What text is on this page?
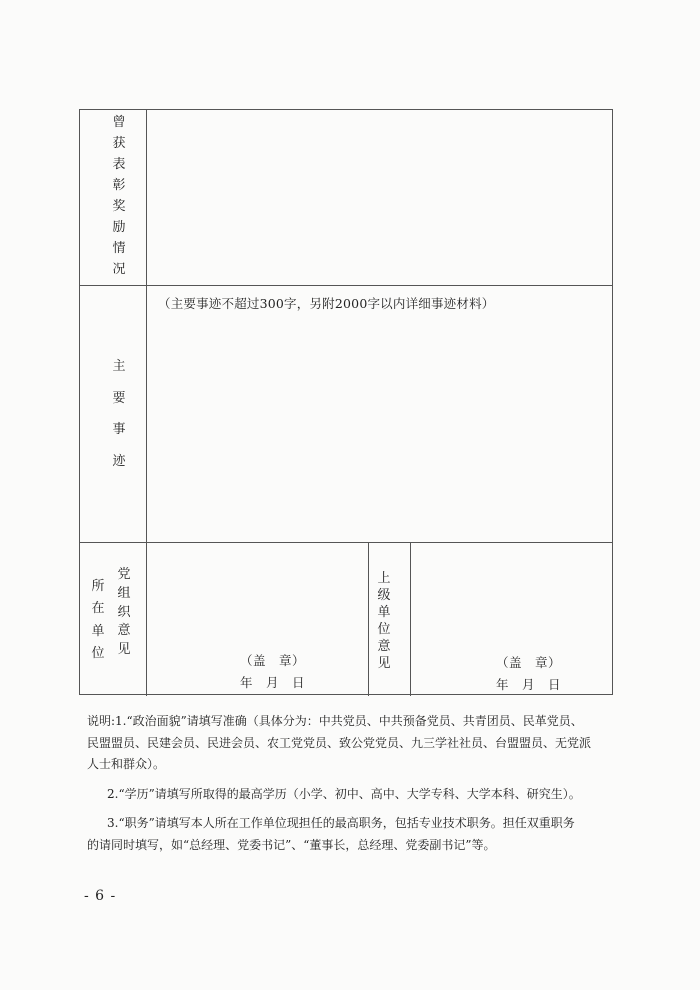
曾
获
表
彰
奖
励
情
况
主
要
事
迹
（主要事迹不超过300字，另附2000字以内详细事迹材料）
所
在
单
位
党
组
织
意
见
（盖　章）
年　月　日
上
级
单
位
意
见	（盖　章）
年　月　日

说明:1.“政治面貌”请填写准确（具体分为：中共党员、中共预备党员、共青团员、民革党员、

民盟盟员、民建会员、民进会员、农工党党员、致公党党员、九三学社社员、台盟盟员、无党派

人士和群众）。

2.“学历”请填写所取得的最高学历（小学、初中、高中、大学专科、大学本科、研究生）。

3.“职务”请填写本人所在工作单位现担任的最高职务，包括专业技术职务。担任双重职务

的请同时填写，如“总经理、党委书记”、“董事长，总经理、党委副书记”等。

- 6 -
